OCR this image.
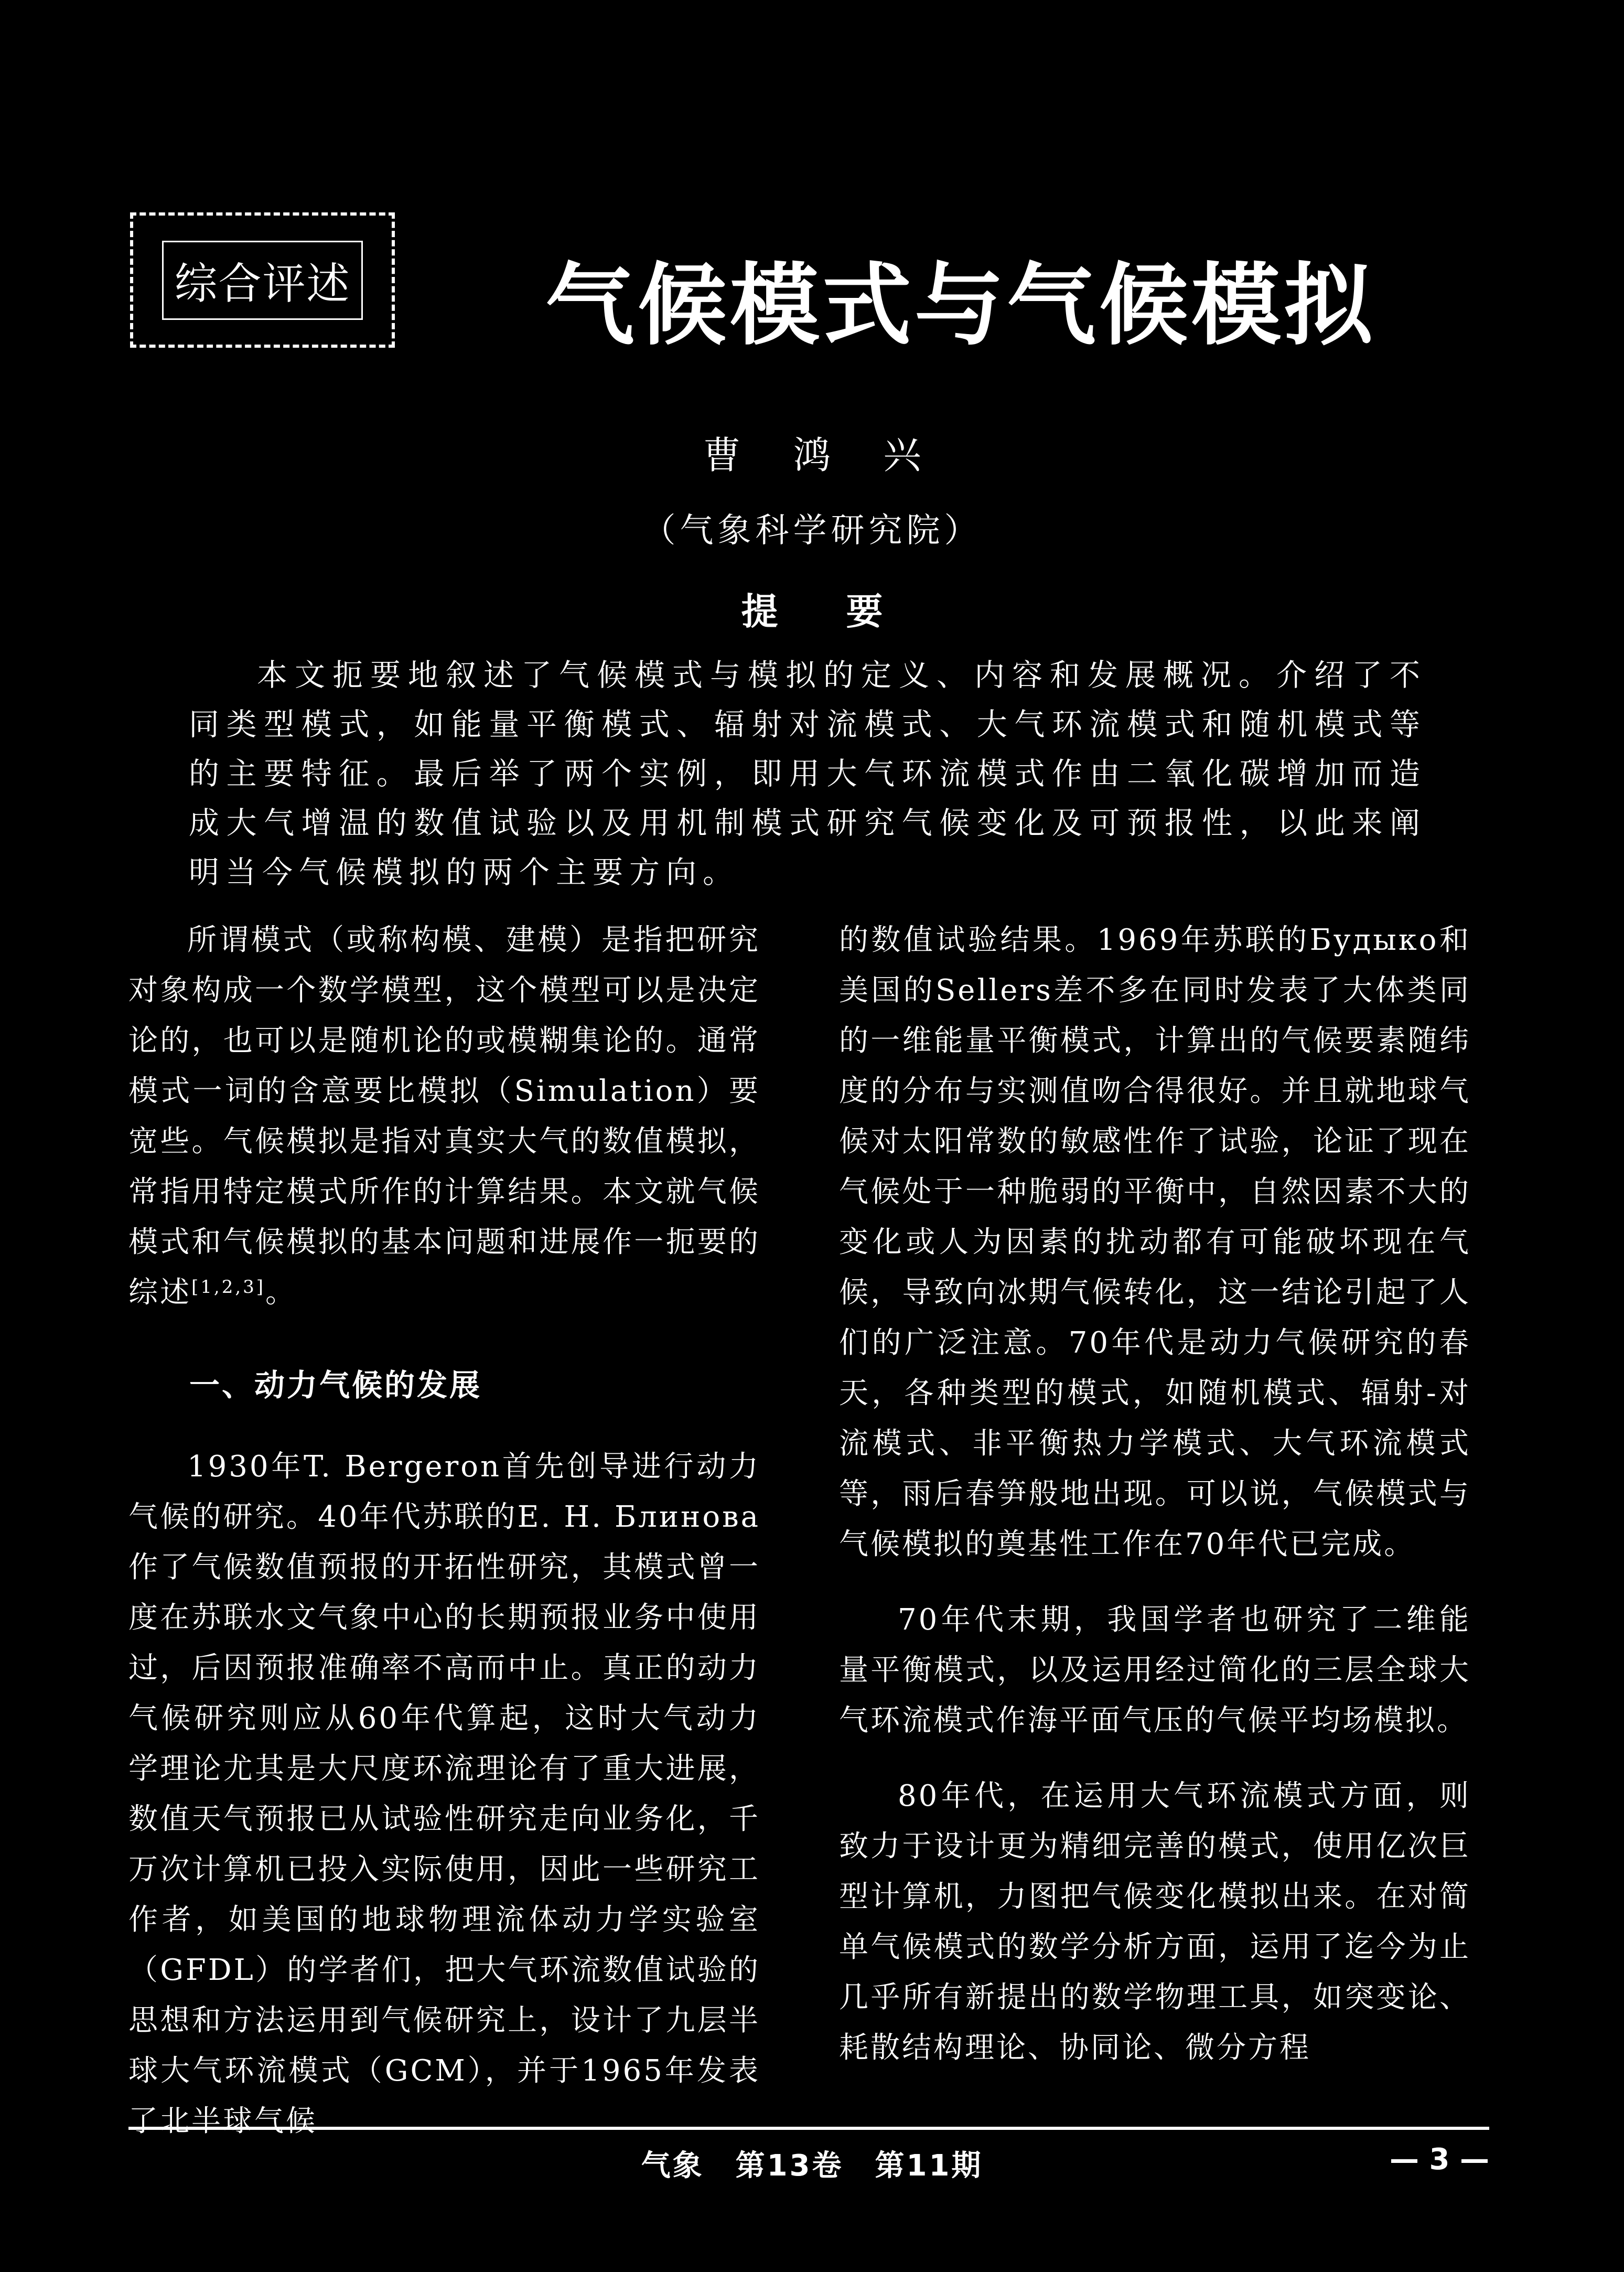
综合评述 气候模式与气候模拟
曹鸿兴
（气象科学研究院）
提要
本文扼要地叙述了气候模式与模拟的定义、内容和发展概况。介绍了不同类型模式，如能量平衡模式、辐射对流模式、大气环流模式和随机模式等的主要特征。最后举了两个实例，即用大气环流模式作由二氧化碳增加而造成大气增温的数值试验以及用机制模式研究气候变化及可预报性，以此来阐明当今气候模拟的两个主要方向。

所谓模式（或称构模、建模）是指把研究对象构成一个数学模型，这个模型可以是决定论的，也可以是随机论的或模糊集论的。通常模式一词的含意要比模拟（Simulation）要宽些。气候模拟是指对真实大气的数值模拟，常指用特定模式所作的计算结果。本文就气候模式和气候模拟的基本问题和进展作一扼要的综述[1,2,3]。

一、动力气候的发展

1930年T. Bergeron首先创导进行动力气候的研究。40年代苏联的Е. Н. Блинова作了气候数值预报的开拓性研究，其模式曾一度在苏联水文气象中心的长期预报业务中使用过，后因预报准确率不高而中止。真正的动力气候研究则应从60年代算起，这时大气动力学理论尤其是大尺度环流理论有了重大进展，数值天气预报已从试验性研究走向业务化，千万次计算机已投入实际使用，因此一些研究工作者，如美国的地球物理流体动力学实验室（GFDL）的学者们，把大气环流数值试验的思想和方法运用到气候研究上，设计了九层半球大气环流模式（GCM），并于1965年发表了北半球气候

的数值试验结果。1969年苏联的Будыко和美国的Sellers差不多在同时发表了大体类同的一维能量平衡模式，计算出的气候要素随纬度的分布与实测值吻合得很好。并且就地球气候对太阳常数的敏感性作了试验，论证了现在气候处于一种脆弱的平衡中，自然因素不大的变化或人为因素的扰动都有可能破坏现在气候，导致向冰期气候转化，这一结论引起了人们的广泛注意。70年代是动力气候研究的春天，各种类型的模式，如随机模式、辐射-对流模式、非平衡热力学模式、大气环流模式等，雨后春笋般地出现。可以说，气候模式与气候模拟的奠基性工作在70年代已完成。

70年代末期，我国学者也研究了二维能量平衡模式，以及运用经过简化的三层全球大气环流模式作海平面气压的气候平均场模拟。

80年代，在运用大气环流模式方面，则致力于设计更为精细完善的模式，使用亿次巨型计算机，力图把气候变化模拟出来。在对简单气候模式的数学分析方面，运用了迄今为止几乎所有新提出的数学物理工具，如突变论、耗散结构理论、协同论、微分方程

气象　第13卷　第11期	— 3 —
